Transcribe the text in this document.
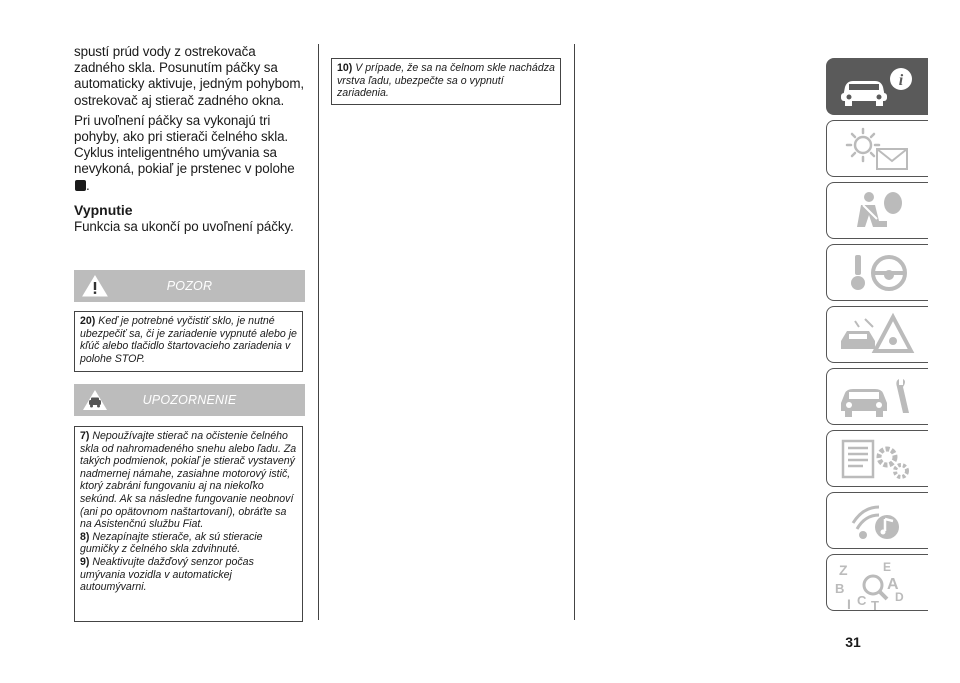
spustí prúd vody z ostrekovača zadného skla. Posunutím páčky sa automaticky aktivuje, jedným pohybom, ostrekovač aj stierač zadného okna.

Pri uvoľnení páčky sa vykonajú tri pohyby, ako pri stierači čelného skla. Cyklus inteligentného umývania sa nevykoná, pokiaľ je prstenec v polohe .

Vypnutie

Funkcia sa ukončí po uvoľnení páčky.

POZOR

20) Keď je potrebné vyčistiť sklo, je nutné ubezpečiť sa, či je zariadenie vypnuté alebo je kľúč alebo tlačidlo štartovacieho zariadenia v polohe STOP.

UPOZORNENIE

7) Nepoužívajte stierač na očistenie čelného skla od nahromadeného snehu alebo ľadu. Za takých podmienok, pokiaľ je stierač vystavený nadmernej námahe, zasiahne motorový istič, ktorý zabráni fungovaniu aj na niekoľko sekúnd. Ak sa následne fungovanie neobnoví (ani po opätovnom naštartovaní), obráťte sa na Asistenčnú službu Fiat.

8) Nezapínajte stierače, ak sú stieracie gumičky z čelného skla zdvihnuté.

9) Neaktivujte dažďový senzor počas umývania vozidla v automatickej autoumývarni.

10) V prípade, že sa na čelnom skle nachádza vrstva ľadu, ubezpečte sa o vypnutí zariadenia.

i
Z	E
B	A
D
I C T
31
